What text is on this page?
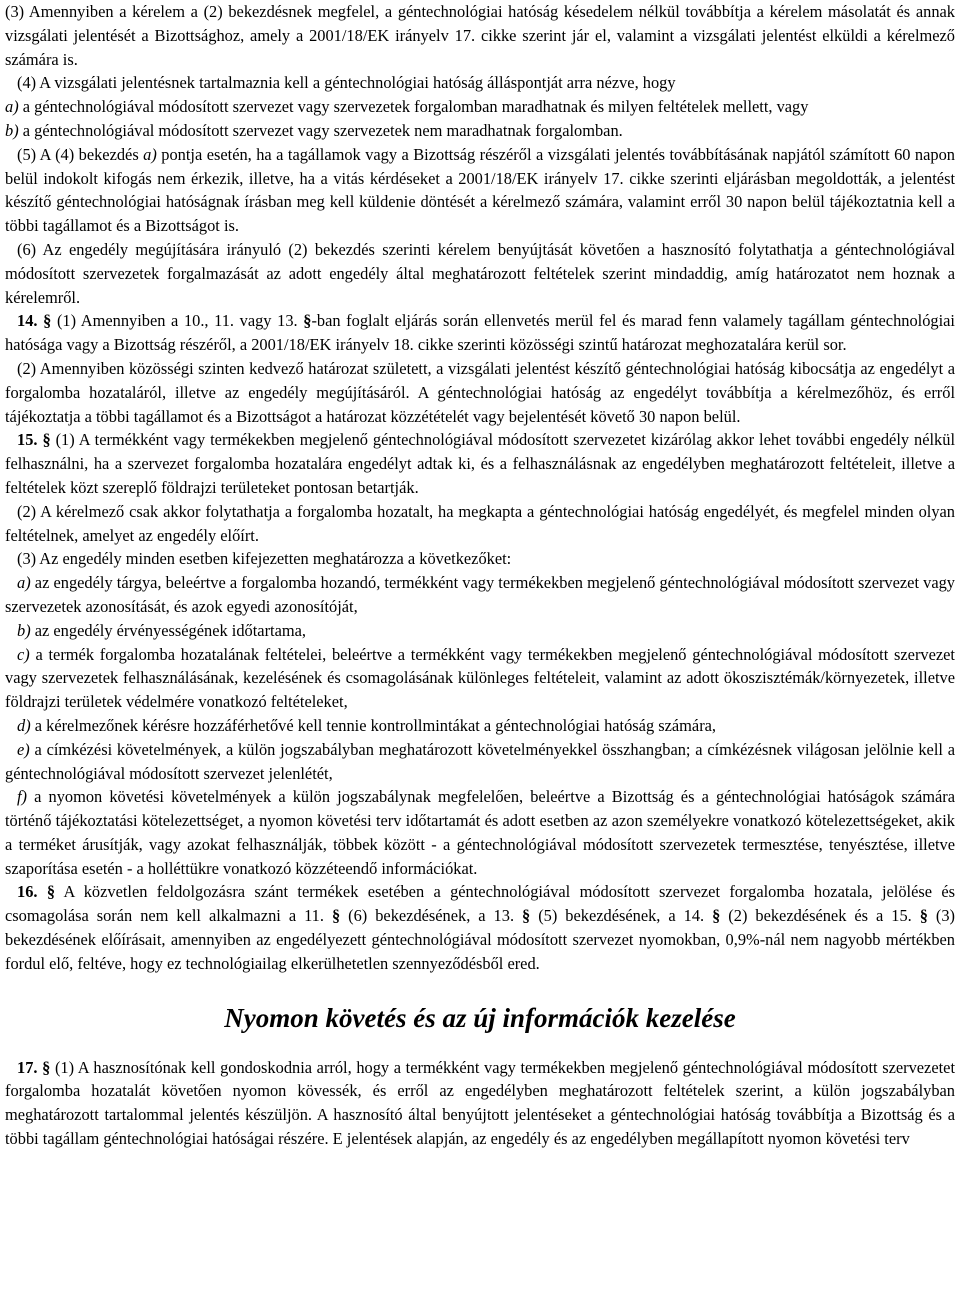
(3) Amennyiben a kérelem a (2) bekezdésnek megfelel, a géntechnológiai hatóság késedelem nélkül továbbítja a kérelem másolatát és annak vizsgálati jelentését a Bizottsághoz, amely a 2001/18/EK irányelv 17. cikke szerint jár el, valamint a vizsgálati jelentést elküldi a kérelmező számára is.

(4) A vizsgálati jelentésnek tartalmaznia kell a géntechnológiai hatóság álláspontját arra nézve, hogy

a) a géntechnológiával módosított szervezet vagy szervezetek forgalomban maradhatnak és milyen feltételek mellett, vagy

b) a géntechnológiával módosított szervezet vagy szervezetek nem maradhatnak forgalomban.

(5) A (4) bekezdés a) pontja esetén, ha a tagállamok vagy a Bizottság részéről a vizsgálati jelentés továbbításának napjától számított 60 napon belül indokolt kifogás nem érkezik, illetve, ha a vitás kérdéseket a 2001/18/EK irányelv 17. cikke szerinti eljárásban megoldották, a jelentést készítő géntechnológiai hatóságnak írásban meg kell küldenie döntését a kérelmező számára, valamint erről 30 napon belül tájékoztatnia kell a többi tagállamot és a Bizottságot is.

(6) Az engedély megújítására irányuló (2) bekezdés szerinti kérelem benyújtását követően a hasznosító folytathatja a géntechnológiával módosított szervezetek forgalmazását az adott engedély által meghatározott feltételek szerint mindaddig, amíg határozatot nem hoznak a kérelemről.

14. § (1) Amennyiben a 10., 11. vagy 13. §-ban foglalt eljárás során ellenvetés merül fel és marad fenn valamely tagállam géntechnológiai hatósága vagy a Bizottság részéről, a 2001/18/EK irányelv 18. cikke szerinti közösségi szintű határozat meghozatalára kerül sor.

(2) Amennyiben közösségi szinten kedvező határozat született, a vizsgálati jelentést készítő géntechnológiai hatóság kibocsátja az engedélyt a forgalomba hozataláról, illetve az engedély megújításáról. A géntechnológiai hatóság az engedélyt továbbítja a kérelmezőhöz, és erről tájékoztatja a többi tagállamot és a Bizottságot a határozat közzétételét vagy bejelentését követő 30 napon belül.

15. § (1) A termékként vagy termékekben megjelenő géntechnológiával módosított szervezetet kizárólag akkor lehet további engedély nélkül felhasználni, ha a szervezet forgalomba hozatalára engedélyt adtak ki, és a felhasználásnak az engedélyben meghatározott feltételeit, illetve a feltételek közt szereplő földrajzi területeket pontosan betartják.

(2) A kérelmező csak akkor folytathatja a forgalomba hozatalt, ha megkapta a géntechnológiai hatóság engedélyét, és megfelel minden olyan feltételnek, amelyet az engedély előírt.

(3) Az engedély minden esetben kifejezetten meghatározza a következőket:

a) az engedély tárgya, beleértve a forgalomba hozandó, termékként vagy termékekben megjelenő géntechnológiával módosított szervezet vagy szervezetek azonosítását, és azok egyedi azonosítóját,

b) az engedély érvényességének időtartama,

c) a termék forgalomba hozatalának feltételei, beleértve a termékként vagy termékekben megjelenő géntechnológiával módosított szervezet vagy szervezetek felhasználásának, kezelésének és csomagolásának különleges feltételeit, valamint az adott ökoszisztémák/környezetek, illetve földrajzi területek védelmére vonatkozó feltételeket,

d) a kérelmezőnek kérésre hozzáférhetővé kell tennie kontrollmintákat a géntechnológiai hatóság számára,

e) a címkézési követelmények, a külön jogszabályban meghatározott követelményekkel összhangban; a címkézésnek világosan jelölnie kell a géntechnológiával módosított szervezet jelenlétét,

f) a nyomon követési követelmények a külön jogszabálynak megfelelően, beleértve a Bizottság és a géntechnológiai hatóságok számára történő tájékoztatási kötelezettséget, a nyomon követési terv időtartamát és adott esetben az azon személyekre vonatkozó kötelezettségeket, akik a terméket árusítják, vagy azokat felhasználják, többek között - a géntechnológiával módosított szervezetek termesztése, tenyésztése, illetve szaporítása esetén - a holléttükre vonatkozó közzéteendő információkat.

16. § A közvetlen feldolgozásra szánt termékek esetében a géntechnológiával módosított szervezet forgalomba hozatala, jelölése és csomagolása során nem kell alkalmazni a 11. § (6) bekezdésének, a 13. § (5) bekezdésének, a 14. § (2) bekezdésének és a 15. § (3) bekezdésének előírásait, amennyiben az engedélyezett géntechnológiával módosított szervezet nyomokban, 0,9%-nál nem nagyobb mértékben fordul elő, feltéve, hogy ez technológiailag elkerülhetetlen szennyeződésből ered.

Nyomon követés és az új információk kezelése

17. § (1) A hasznosítónak kell gondoskodnia arról, hogy a termékként vagy termékekben megjelenő géntechnológiával módosított szervezetet forgalomba hozatalát követően nyomon kövessék, és erről az engedélyben meghatározott feltételek szerint, a külön jogszabályban meghatározott tartalommal jelentés készüljön. A hasznosító által benyújtott jelentéseket a géntechnológiai hatóság továbbítja a Bizottság és a többi tagállam géntechnológiai hatóságai részére. E jelentések alapján, az engedély és az engedélyben megállapított nyomon követési terv
